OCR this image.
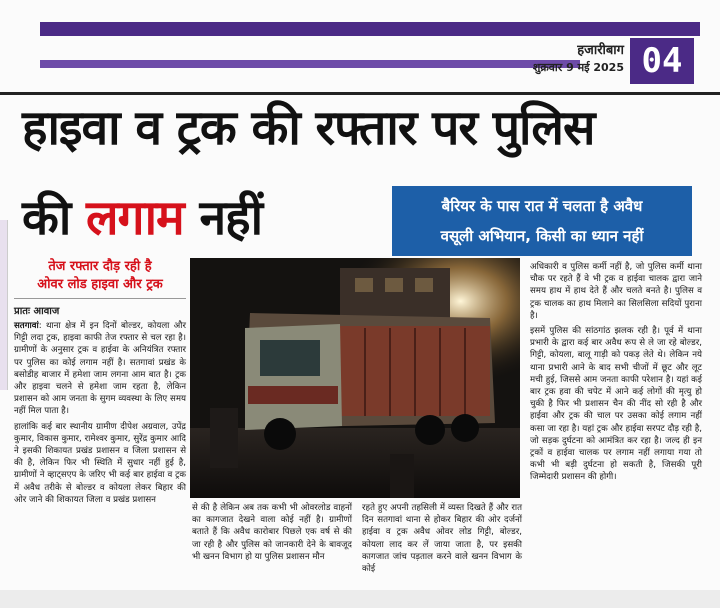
हजारीबाग
शुक्रवार 9 मई 2025 04
हाइवा व ट्रक की रफ्तार पर पुलिस
की लगाम नहीं	बैरियर के पास रात में चलता है अवैध
वसूली अभियान, किसी का ध्यान नहीं
तेज रफ्तार दौड़ रही है
ओवर लोड हाइवा और ट्रक
प्रातः आवाज

सतगावां: थाना क्षेत्र में इन दिनों बोल्डर, कोयला और गिट्टी लदा ट्रक, हाइवा काफी तेज रफ्तार से चल रहा है। ग्रामीणों के अनुसार ट्रक व हाईवा के अनियंत्रित रफ्तार पर पुलिस का कोई लगाम नहीं है। सतगावां प्रखंड के बसोडीह बाजार में हमेशा जाम लगना आम बात है। ट्रक और हाइवा चलने से हमेशा जाम रहता है, लेकिन प्रशासन को आम जनता के सुगम व्यवस्था के लिए समय नहीं मिल पाता है।

हालांकि कई बार स्थानीय ग्रामीण दीपेश अग्रवाल, उपेंद्र कुमार, विकास कुमार, रामेश्वर कुमार, सुरेंद्र कुमार आदि ने इसकी शिकायत प्रखंड प्रशासन व जिला प्रशासन से की है, लेकिन फिर भी स्थिति में सुधार नहीं हुई है, ग्रामीणों ने व्हाट्सएप के जरिए भी कई बार हाईवा व ट्रक में अवैध तरीके से बोल्डर व कोयला लेकर बिहार की ओर जाने की शिकायत जिला व प्रखंड प्रशासन

से की है लेकिन अब तक कभी भी ओवरलोड वाहनों का कागजात देखने वाला कोई नहीं है। ग्रामीणों बताते हैं कि अवैध कारोबार पिछले एक वर्ष से की जा रही है और पुलिस को जानकारी देने के बावजूद भी खनन विभाग हो या पुलिस प्रशासन मौन
रहते हुए अपनी तहसिली में व्यस्त दिखते हैं और रात दिन सतगावां थाना से होकर बिहार की ओर दर्जनों हाईवा व ट्रक अवैध ओवर लोड गिट्टी, बोल्डर, कोयला लाद कर लें जाया जाता है, पर इसकी कागजात जांच पड़ताल करने वाले खनन विभाग के कोई

अधिकारी व पुलिस कर्मी नहीं है, जो पुलिस कर्मी थाना चौक पर रहते हैं वे भी ट्रक व हाईवा चालक द्वारा जाने समय हाथ में हाथ देते हैं और चलते बनते है। पुलिस व ट्रक चालक का हाथ मिलाने का सिलसिला सदियों पुराना है।

इसमें पुलिस की सांठगांठ झलक रही है। पूर्व में थाना प्रभारी के द्वारा कई बार अवैध रूप से ले जा रहे बोल्डर, गिट्टी, कोयला, बालू गाड़ी को पकड़ लेते थे। लेकिन नये थाना प्रभारी आने के बाद सभी चीजों में छूट और लूट मची हुई, जिससे आम जनता काफी परेशान है। यहां कई बार ट्रक हवा की चपेट में आने कई लोगों की मृत्यु हो चुकी है फिर भी प्रशासन चैन की नींद सो रही है और हाईवा और ट्रक की चाल पर उसका कोई लगाम नहीं कसा जा रहा है। यहां ट्रक और हाईवा सरपट दौड़ रही है, जो सड़क दुर्घटना को आमंत्रित कर रहा है। जल्द ही इन ट्रकों व हाईवा चालक पर लगाम नहीं लगाया गया तो कभी भी बड़ी दुर्घटना हो सकती है, जिसकी पूरी जिम्मेदारी प्रशासन की होगी।
